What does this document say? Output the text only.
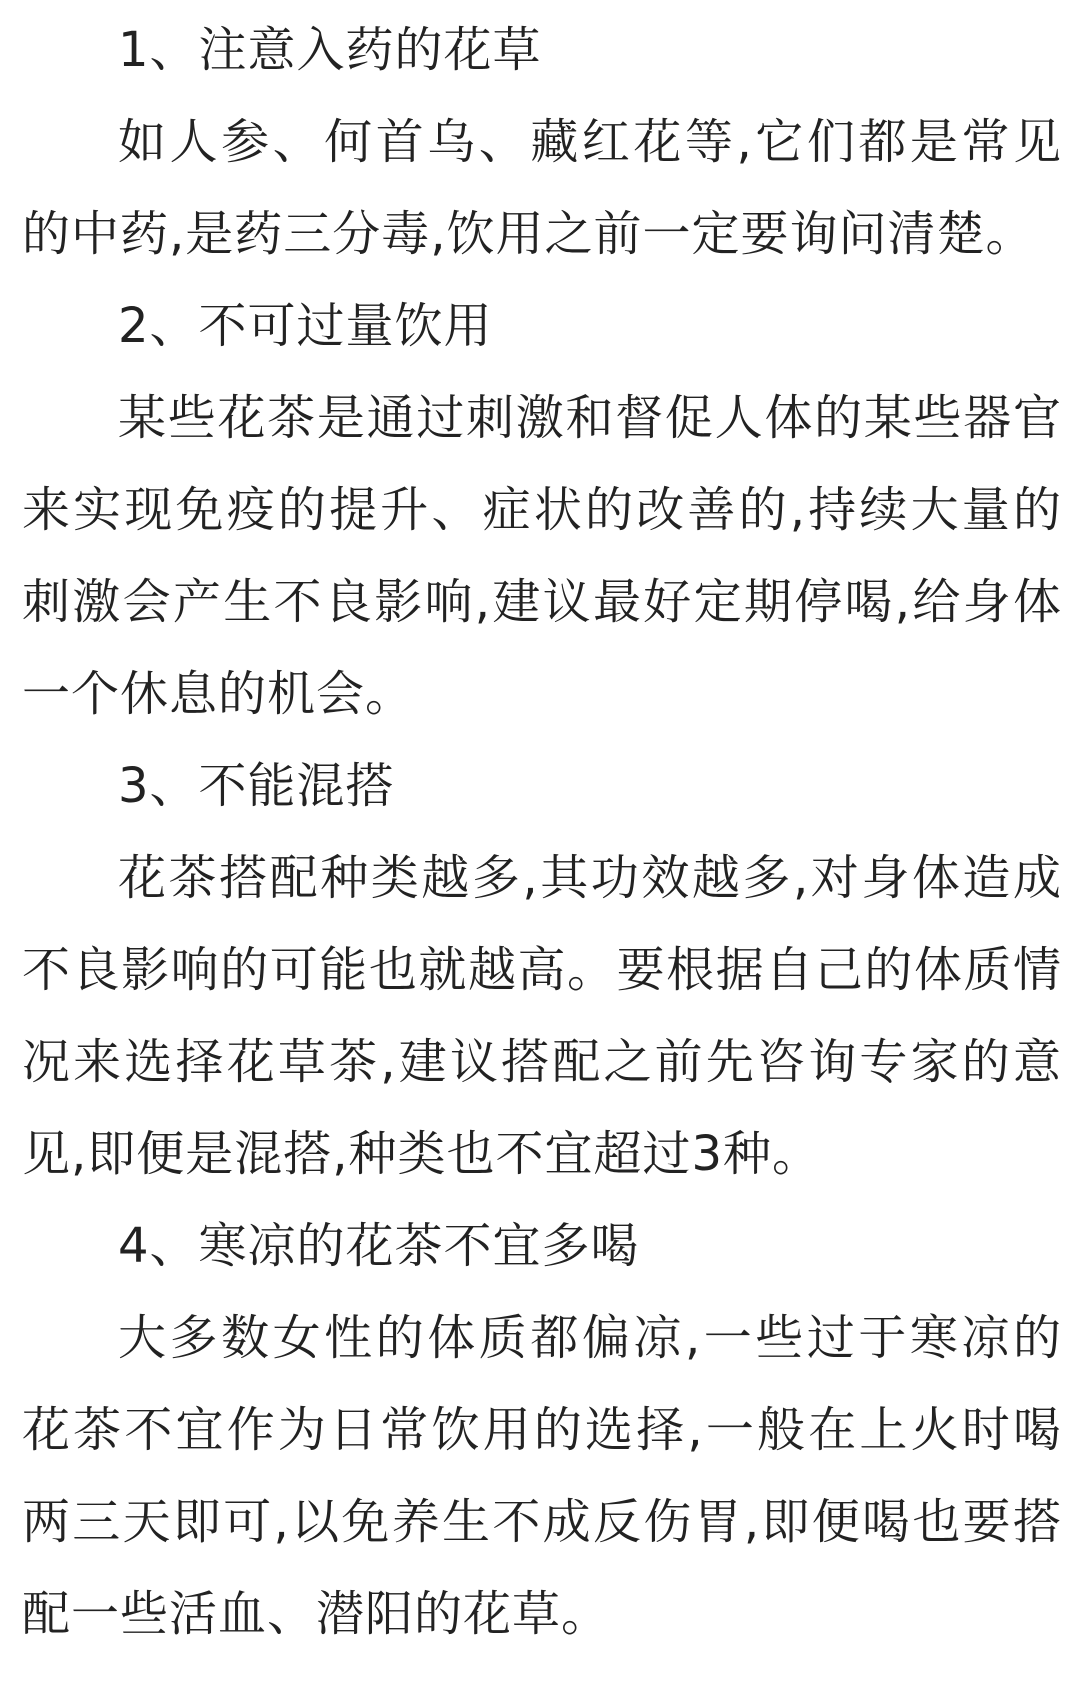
1、注意入药的花草

如人参、何首乌、藏红花等,它们都是常见的中药,是药三分毒,饮用之前一定要询问清楚。

2、不可过量饮用

某些花茶是通过刺激和督促人体的某些器官来实现免疫的提升、症状的改善的,持续大量的刺激会产生不良影响,建议最好定期停喝,给身体一个休息的机会。

3、不能混搭

花茶搭配种类越多,其功效越多,对身体造成不良影响的可能也就越高。要根据自己的体质情况来选择花草茶,建议搭配之前先咨询专家的意见,即便是混搭,种类也不宜超过3种。

4、寒凉的花茶不宜多喝

大多数女性的体质都偏凉,一些过于寒凉的花茶不宜作为日常饮用的选择,一般在上火时喝两三天即可,以免养生不成反伤胃,即便喝也要搭配一些活血、潜阳的花草。
